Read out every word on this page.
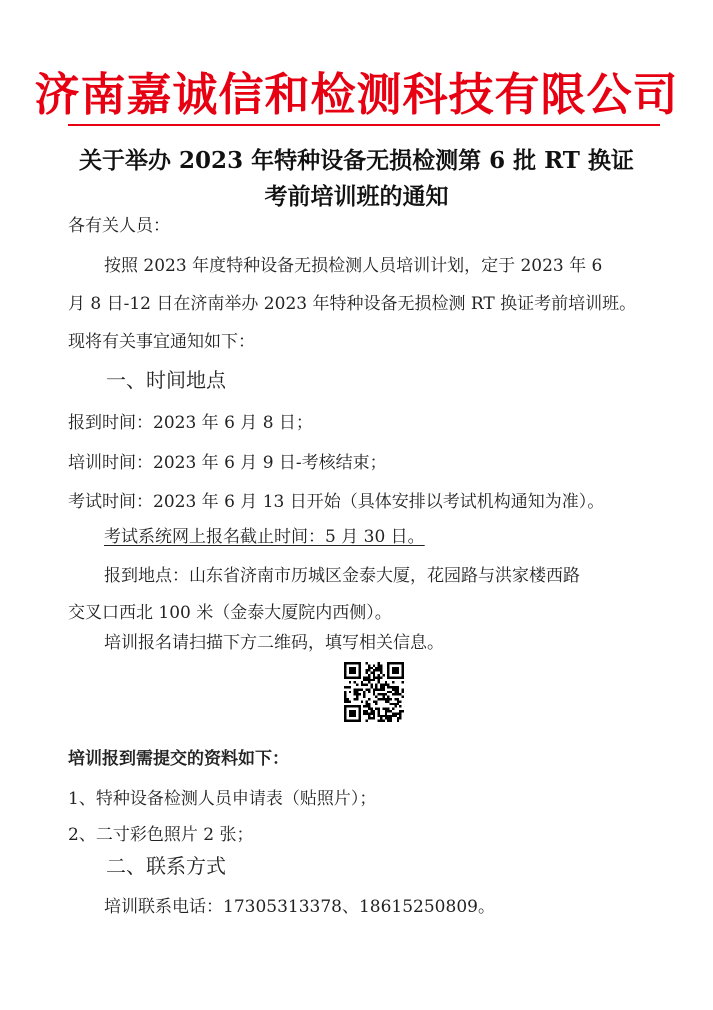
济南嘉诚信和检测科技有限公司
关于举办 2023 年特种设备无损检测第 6 批 RT 换证
考前培训班的通知
各有关人员：
按照 2023 年度特种设备无损检测人员培训计划，定于 2023 年 6
月 8 日-12 日在济南举办 2023 年特种设备无损检测 RT 换证考前培训班。
现将有关事宜通知如下：
一、时间地点
报到时间：2023 年 6 月 8 日；
培训时间：2023 年 6 月 9 日-考核结束；
考试时间：2023 年 6 月 13 日开始（具体安排以考试机构通知为准）。
考试系统网上报名截止时间：5 月 30 日。
报到地点：山东省济南市历城区金泰大厦，花园路与洪家楼西路
交叉口西北 100 米（金泰大厦院内西侧）。
培训报名请扫描下方二维码，填写相关信息。
培训报到需提交的资料如下：
1、特种设备检测人员申请表（贴照片）；
2、二寸彩色照片 2 张；
二、联系方式
培训联系电话：17305313378、18615250809。
